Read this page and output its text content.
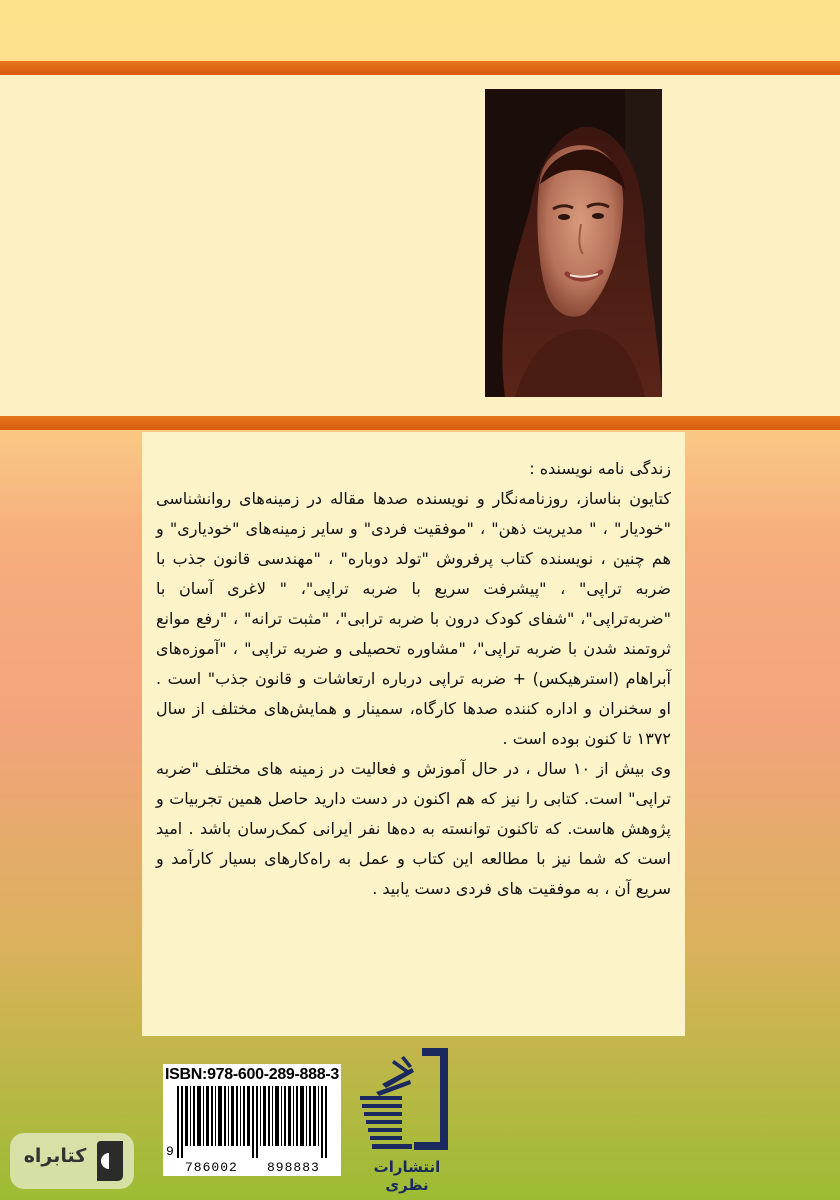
زندگی نامه نویسنده :

کتایون بناساز، روزنامه‌نگار و نویسنده صدها مقاله در زمینه‌های روانشناسی "خودیار" ، " مدیریت ذهن" ، "موفقیت فردی" و سایر زمینه‌های "خودیاری" و هم چنین ، نویسنده کتاب پرفروش "تولد دوباره" ، "مهندسی قانون جذب با ضربه تراپی" ، "پیشرفت سریع با ضربه تراپی"، " لاغری آسان با "ضربه‌تراپی"، "شفای کودک درون با ضربه ترابی"، "مثبت ترانه" ، "رفع موانع ثروتمند شدن با ضربه تراپی"، "مشاوره تحصیلی و ضربه تراپی" ، "آموزه‌های آبراهام (استرهیکس) + ضربه تراپی درباره ارتعاشات و قانون جذب" است . او سخنران و اداره کننده صدها کارگاه، سمینار و همایش‌های مختلف از سال ۱۳۷۲ تا کنون بوده است .

وی بیش از ۱۰ سال ، در حال آموزش و فعالیت در زمینه های مختلف "ضربه تراپی" است. کتابی را نیز که هم اکنون در دست دارید حاصل همین تجربیات و پژوهش هاست. که تاکنون توانسته به ده‌ها نفر ایرانی کمک‌رسان باشد . امید است که شما نیز با مطالعه این کتاب و عمل به راه‌کارهای بسیار کارآمد و سریع آن ، به موفقیت های فردی دست یابید .

ISBN:978-600-289-888-3
9
786002 898883	انتشارات نظری
کتابراه
